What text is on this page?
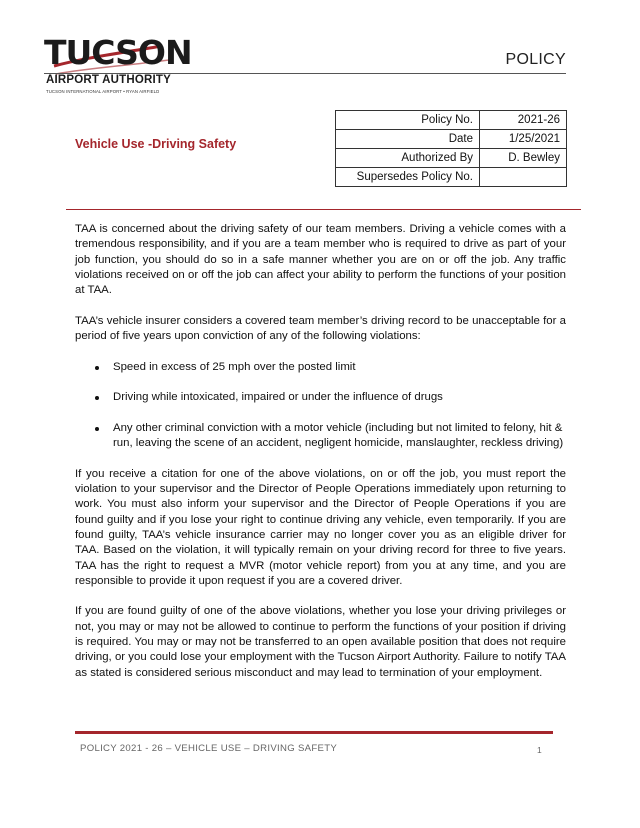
TUCSON
AIRPORT AUTHORITY
TUCSON INTERNATIONAL AIRPORT • RYAN AIRFIELD
POLICY
Vehicle Use -Driving Safety
Policy No.	2021-26
Date	1/25/2021
Authorized By	D. Bewley
Supersedes Policy No.	

TAA is concerned about the driving safety of our team members. Driving a vehicle comes with a tremendous responsibility, and if you are a team member who is required to drive as part of your job function, you should do so in a safe manner whether you are on or off the job. Any traffic violations received on or off the job can affect your ability to perform the functions of your position at TAA.

TAA’s vehicle insurer considers a covered team member’s driving record to be unacceptable for a period of five years upon conviction of any of the following violations:

Speed in excess of 25 mph over the posted limit
Driving while intoxicated, impaired or under the influence of drugs
Any other criminal conviction with a motor vehicle (including but not limited to felony, hit & run, leaving the scene of an accident, negligent homicide, manslaughter, reckless driving)

If you receive a citation for one of the above violations, on or off the job, you must report the violation to your supervisor and the Director of People Operations immediately upon returning to work. You must also inform your supervisor and the Director of People Operations if you are found guilty and if you lose your right to continue driving any vehicle, even temporarily. If you are found guilty, TAA’s vehicle insurance carrier may no longer cover you as an eligible driver for TAA. Based on the violation, it will typically remain on your driving record for three to five years. TAA has the right to request a MVR (motor vehicle report) from you at any time, and you are responsible to provide it upon request if you are a covered driver.

If you are found guilty of one of the above violations, whether you lose your driving privileges or not, you may or may not be allowed to continue to perform the functions of your position if driving is required. You may or may not be transferred to an open available position that does not require driving, or you could lose your employment with the Tucson Airport Authority. Failure to notify TAA as stated is considered serious misconduct and may lead to termination of your employment.

POLICY 2021 - 26 – VEHICLE USE – DRIVING SAFETY	1
